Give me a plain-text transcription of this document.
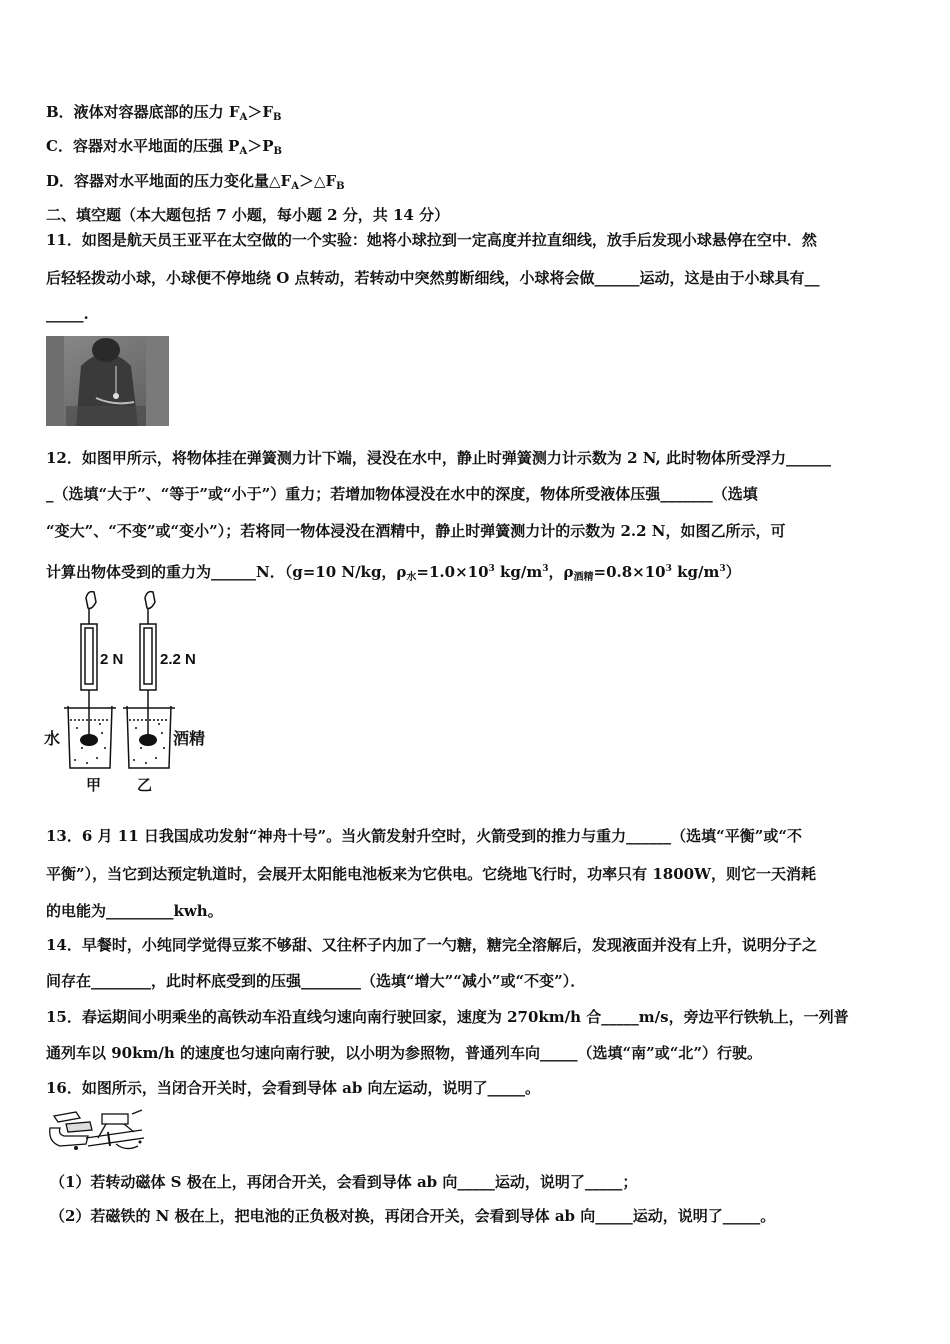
B．液体对容器底部的压力 $F_A>F_B$
C．容器对水平地面的压强 $P_A>P_B$
D．容器对水平地面的压力变化量$\triangle F_A>\triangle F_B$
二、填空题（本大题包括 7 小题，每小题 2 分，共 14 分）
11．如图是航天员王亚平在太空做的一个实验：她将小球拉到一定高度并拉直细线，放手后发现小球悬停在空中．然
后轻轻拨动小球，小球便不停地绕 O 点转动，若转动中突然剪断细线，小球将会做______运动，这是由于小球具有__
_____.
12．如图甲所示，将物体挂在弹簧测力计下端，浸没在水中，静止时弹簧测力计示数为 2 N, 此时物体所受浮力______
_（选填“大于”、“等于”或“小于”）重力；若增加物体浸没在水中的深度，物体所受液体压强_______（选填
“变大”、“不变”或“变小”）；若将同一物体浸没在酒精中，静止时弹簧测力计的示数为 2.2 N，如图乙所示，可
计算出物体受到的重力为______N．（g=10 N/kg，$\rho_水=1.0\times 10^3$ $kg/m^3$，$\rho_{酒精}=0.8\times 10^3$ $kg/m^3$）
2 N 2.2 N
水	酒精
甲 乙
13．6 月 11 日我国成功发射“神舟十号”。当火箭发射升空时，火箭受到的推力与重力______（选填“平衡”或“不
平衡”），当它到达预定轨道时，会展开太阳能电池板来为它供电。它绕地飞行时，功率只有 1800W，则它一天消耗
的电能为_________kwh。
14．早餐时，小纯同学觉得豆浆不够甜、又往杯子内加了一勺糖，糖完全溶解后，发现液面并没有上升，说明分子之
间存在________，此时杯底受到的压强________（选填“增大”“减小”或“不变”）．
15．春运期间小明乘坐的高铁动车沿直线匀速向南行驶回家，速度为 270km/h 合_____m/s，旁边平行铁轨上，一列普
通列车以 90km/h 的速度也匀速向南行驶，以小明为参照物，普通列车向_____（选填“南”或“北”）行驶。
16．如图所示，当闭合开关时，会看到导体 ab 向左运动，说明了_____。
（1）若转动磁体 S 极在上，再闭合开关，会看到导体 ab 向_____运动，说明了_____；
（2）若磁铁的 N 极在上，把电池的正负极对换，再闭合开关，会看到导体 ab 向_____运动，说明了_____。
